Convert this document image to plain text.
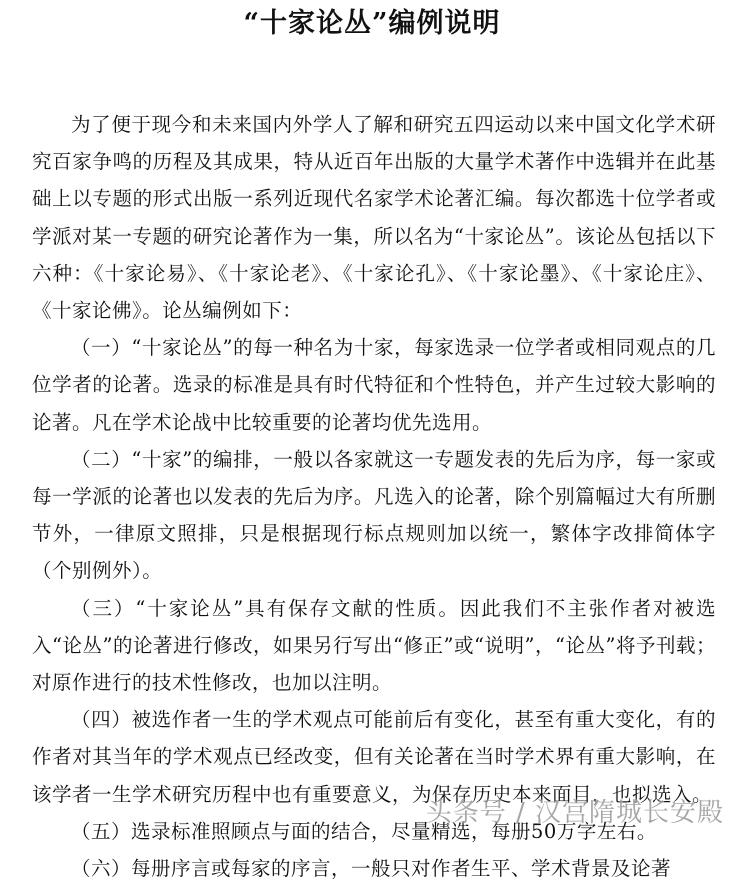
“十家论丛”编例说明

为了便于现今和未来国内外学人了解和研究五四运动以来中国文化学术研究百家争鸣的历程及其成果，特从近百年出版的大量学术著作中选辑并在此基础上以专题的形式出版一系列近现代名家学术论著汇编。每次都选十位学者或学派对某一专题的研究论著作为一集，所以名为“十家论丛”。该论丛包括以下六种：《十家论易》、《十家论老》、《十家论孔》、《十家论墨》、《十家论庄》、《十家论佛》。论丛编例如下：

（一）“十家论丛”的每一种名为十家，每家选录一位学者或相同观点的几位学者的论著。选录的标准是具有时代特征和个性特色，并产生过较大影响的论著。凡在学术论战中比较重要的论著均优先选用。

（二）“十家”的编排，一般以各家就这一专题发表的先后为序，每一家或每一学派的论著也以发表的先后为序。凡选入的论著，除个别篇幅过大有所删节外，一律原文照排，只是根据现行标点规则加以统一，繁体字改排简体字（个别例外）。

（三）“十家论丛”具有保存文献的性质。因此我们不主张作者对被选入“论丛”的论著进行修改，如果另行写出“修正”或“说明”，“论丛”将予刊载；对原作进行的技术性修改，也加以注明。

（四）被选作者一生的学术观点可能前后有变化，甚至有重大变化，有的作者对其当年的学术观点已经改变，但有关论著在当时学术界有重大影响，在该学者一生学术研究历程中也有重要意义，为保存历史本来面目，也拟选入。

（五）选录标准照顾点与面的结合，尽量精选，每册50万字左右。

（六）每册序言或每家的序言，一般只对作者生平、学术背景及论著

头条号 / 汉宫隋城长安殿
